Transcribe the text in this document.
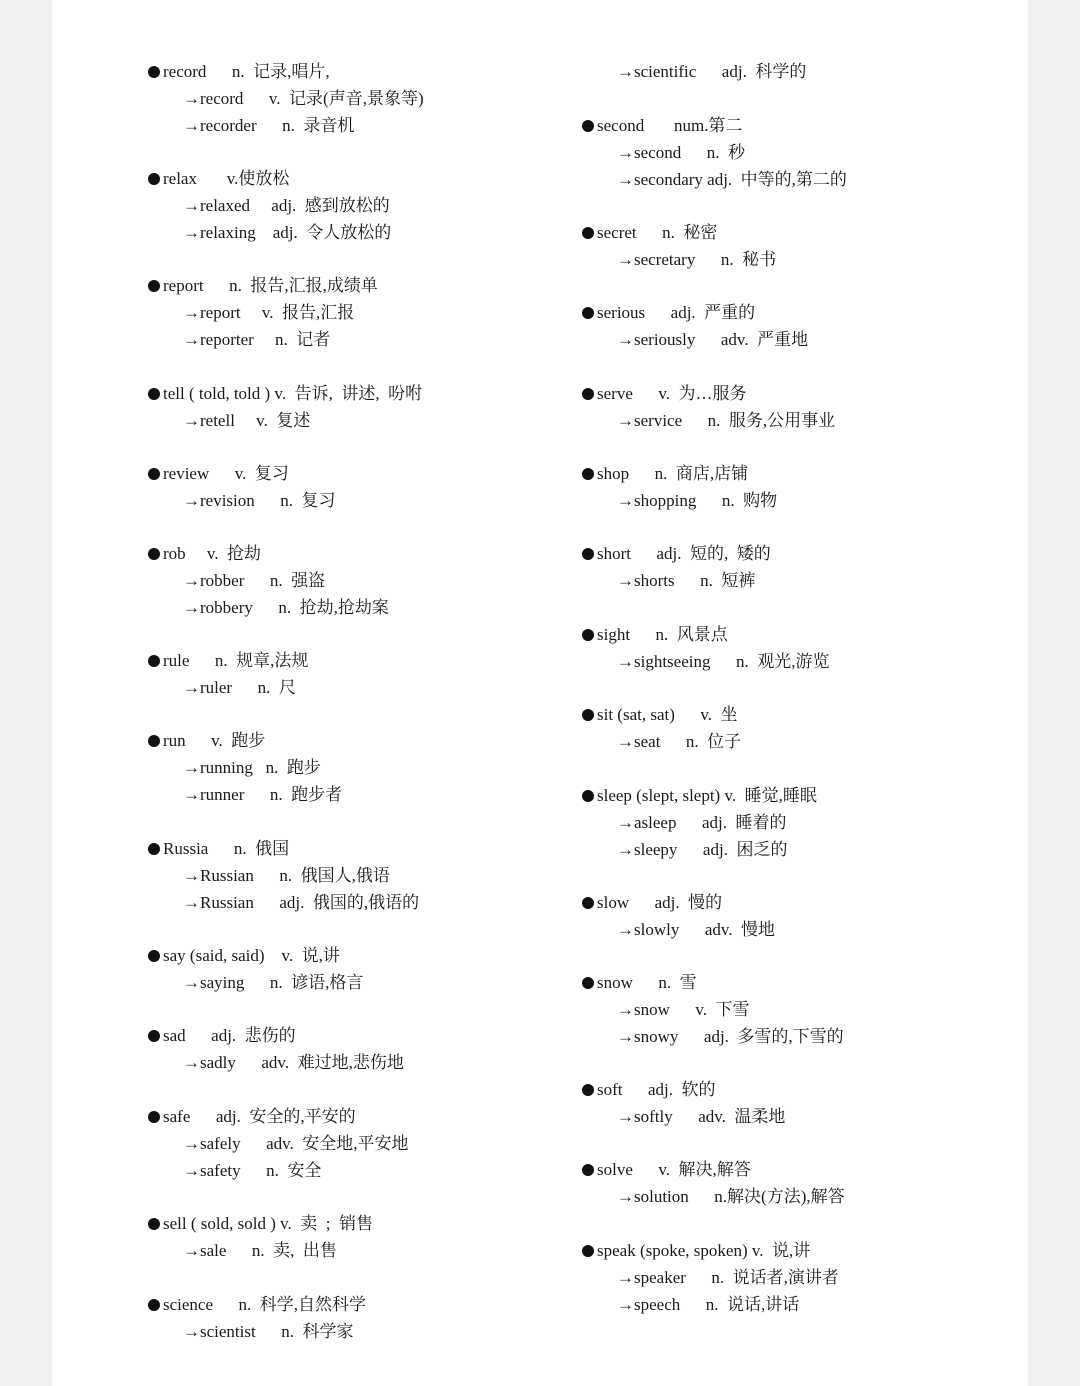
record      n.  记录,唱片,
→record      v.  记录(声音,景象等)
→recorder      n.  录音机
relax       v.使放松
→relaxed     adj.  感到放松的
→relaxing    adj.  令人放松的
report      n.  报告,汇报,成绩单
→report     v.  报告,汇报
→reporter     n.  记者
tell ( told, told ) v.  告诉,  讲述,  吩咐
→retell     v.  复述
review      v.  复习
→revision      n.  复习
rob     v.  抢劫
→robber      n.  强盗
→robbery      n.  抢劫,抢劫案
rule      n.  规章,法规
→ruler      n.  尺
run      v.  跑步
→running   n.  跑步
→runner      n.  跑步者
Russia      n.  俄国
→Russian      n.  俄国人,俄语
→Russian      adj.  俄国的,俄语的
say (said, said)    v.  说,讲
→saying      n.  谚语,格言
sad      adj.  悲伤的
→sadly      adv.  难过地,悲伤地
safe      adj.  安全的,平安的
→safely      adv.  安全地,平安地
→safety      n.  安全
sell ( sold, sold ) v.  卖  ;  销售
→sale      n.  卖,  出售
science      n.  科学,自然科学
→scientist      n.  科学家
→scientific      adj.  科学的
second       num.第二
→second      n.  秒
→secondary adj.  中等的,第二的
secret      n.  秘密
→secretary      n.  秘书
serious      adj.  严重的
→seriously      adv.  严重地
serve      v.  为…服务
→service      n.  服务,公用事业
shop      n.  商店,店铺
→shopping      n.  购物
short      adj.  短的,  矮的
→shorts      n.  短裤
sight      n.  风景点
→sightseeing      n.  观光,游览
sit (sat, sat)      v.  坐
→seat      n.  位子
sleep (slept, slept) v.  睡觉,睡眠
→asleep      adj.  睡着的
→sleepy      adj.  困乏的
slow      adj.  慢的
→slowly      adv.  慢地
snow      n.  雪
→snow      v.  下雪
→snowy      adj.  多雪的,下雪的
soft      adj.  软的
→softly      adv.  温柔地
solve      v.  解决,解答
→solution      n.解决(方法),解答
speak (spoke, spoken) v.  说,讲
→speaker      n.  说话者,演讲者
→speech      n.  说话,讲话
